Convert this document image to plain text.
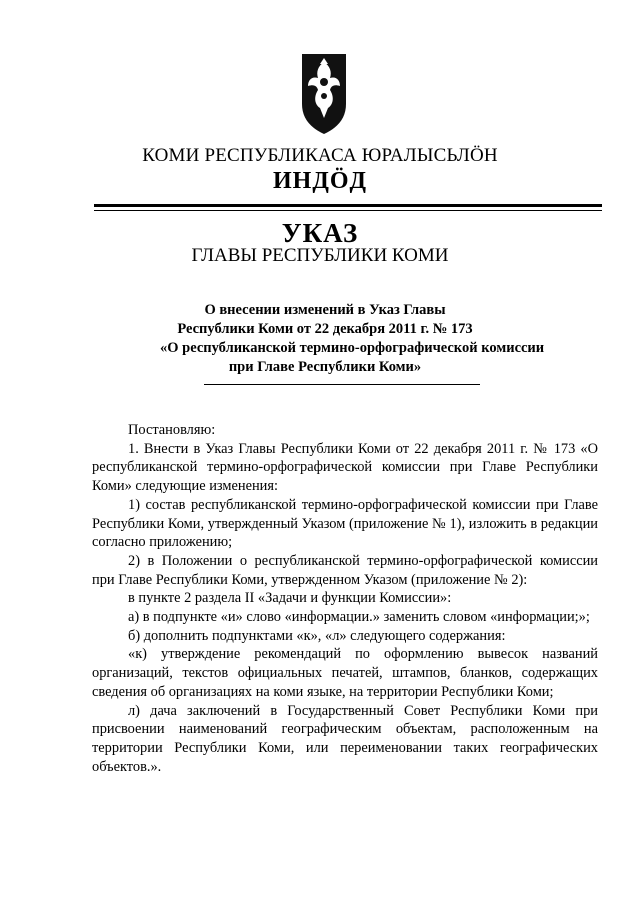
КОМИ РЕСПУБЛИКАСА ЮРАЛЫСЬЛÖН
ИНДÖД
УКАЗ
ГЛАВЫ РЕСПУБЛИКИ КОМИ
О внесении изменений в Указ Главы
Республики Коми от 22 декабря 2011 г. № 173
«О республиканской термино-орфографической комиссии
при Главе Республики Коми»

Постановляю:

1. Внести в Указ Главы Республики Коми от 22 декабря 2011 г. № 173 «О республиканской термино-орфографической комиссии при Главе Республики Коми» следующие изменения:

1) состав республиканской термино-орфографической комиссии при Главе Республики Коми, утвержденный Указом (приложение № 1), изложить в редакции согласно приложению;

2) в Положении о республиканской термино-орфографической комиссии при Главе Республики Коми, утвержденном Указом (приложение № 2):

в пункте 2 раздела II «Задачи и функции Комиссии»:

а) в подпункте «и» слово «информации.» заменить словом «информации;»;

б) дополнить подпунктами «к», «л» следующего содержания:

«к) утверждение рекомендаций по оформлению вывесок названий организаций, текстов официальных печатей, штампов, бланков, содержащих сведения об организациях на коми языке, на территории Республики Коми;

л) дача заключений в Государственный Совет Республики Коми при присвоении наименований географическим объектам, расположенным на территории Республики Коми, или переименовании таких географических объектов.».
